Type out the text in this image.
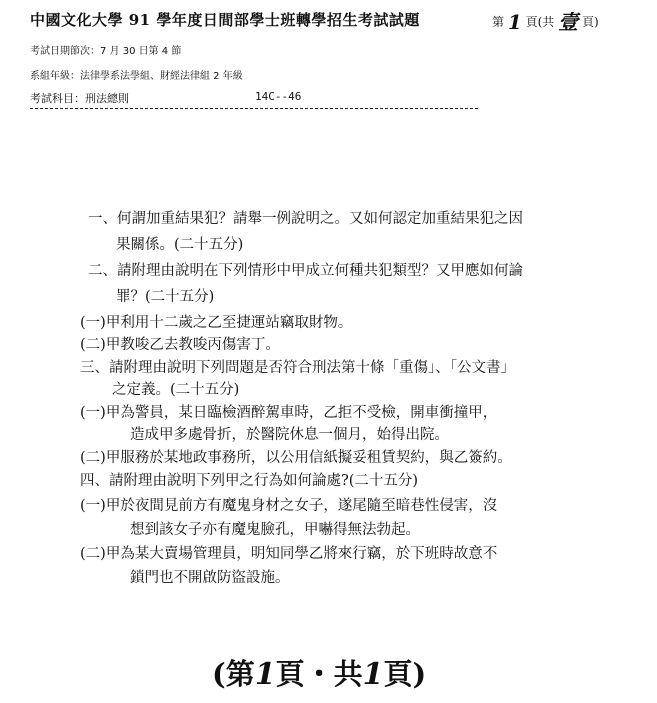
中國文化大學 91 學年度日間部學士班轉學招生考試試題	第 1 頁(共 壹 頁)
考試日期節次：7 月 30 日第 4 節
系組年級：法律學系法學組、財經法律組 2 年級
考試科目：刑法總則	14C--46
一、何謂加重結果犯？請舉一例說明之。又如何認定加重結果犯之因
果關係。(二十五分)
二、請附理由說明在下列情形中甲成立何種共犯類型？又甲應如何論
罪？(二十五分)
(一)甲利用十二歲之乙至捷運站竊取財物。
(二)甲教唆乙去教唆丙傷害丁。
三、請附理由說明下列問題是否符合刑法第十條「重傷」、「公文書」
之定義。(二十五分)
(一)甲為警員，某日臨檢酒醉駕車時，乙拒不受檢，開車衝撞甲，
造成甲多處骨折，於醫院休息一個月，始得出院。
(二)甲服務於某地政事務所，以公用信紙擬妥租賃契約，與乙簽約。
四、請附理由說明下列甲之行為如何論處?(二十五分)
(一)甲於夜間見前方有魔鬼身材之女子，遂尾隨至暗巷性侵害，沒
想到該女子亦有魔鬼臉孔，甲嚇得無法勃起。
(二)甲為某大賣場管理員，明知同學乙將來行竊，於下班時故意不
鎖門也不開啟防盜設施。
(第1頁・共1頁)
